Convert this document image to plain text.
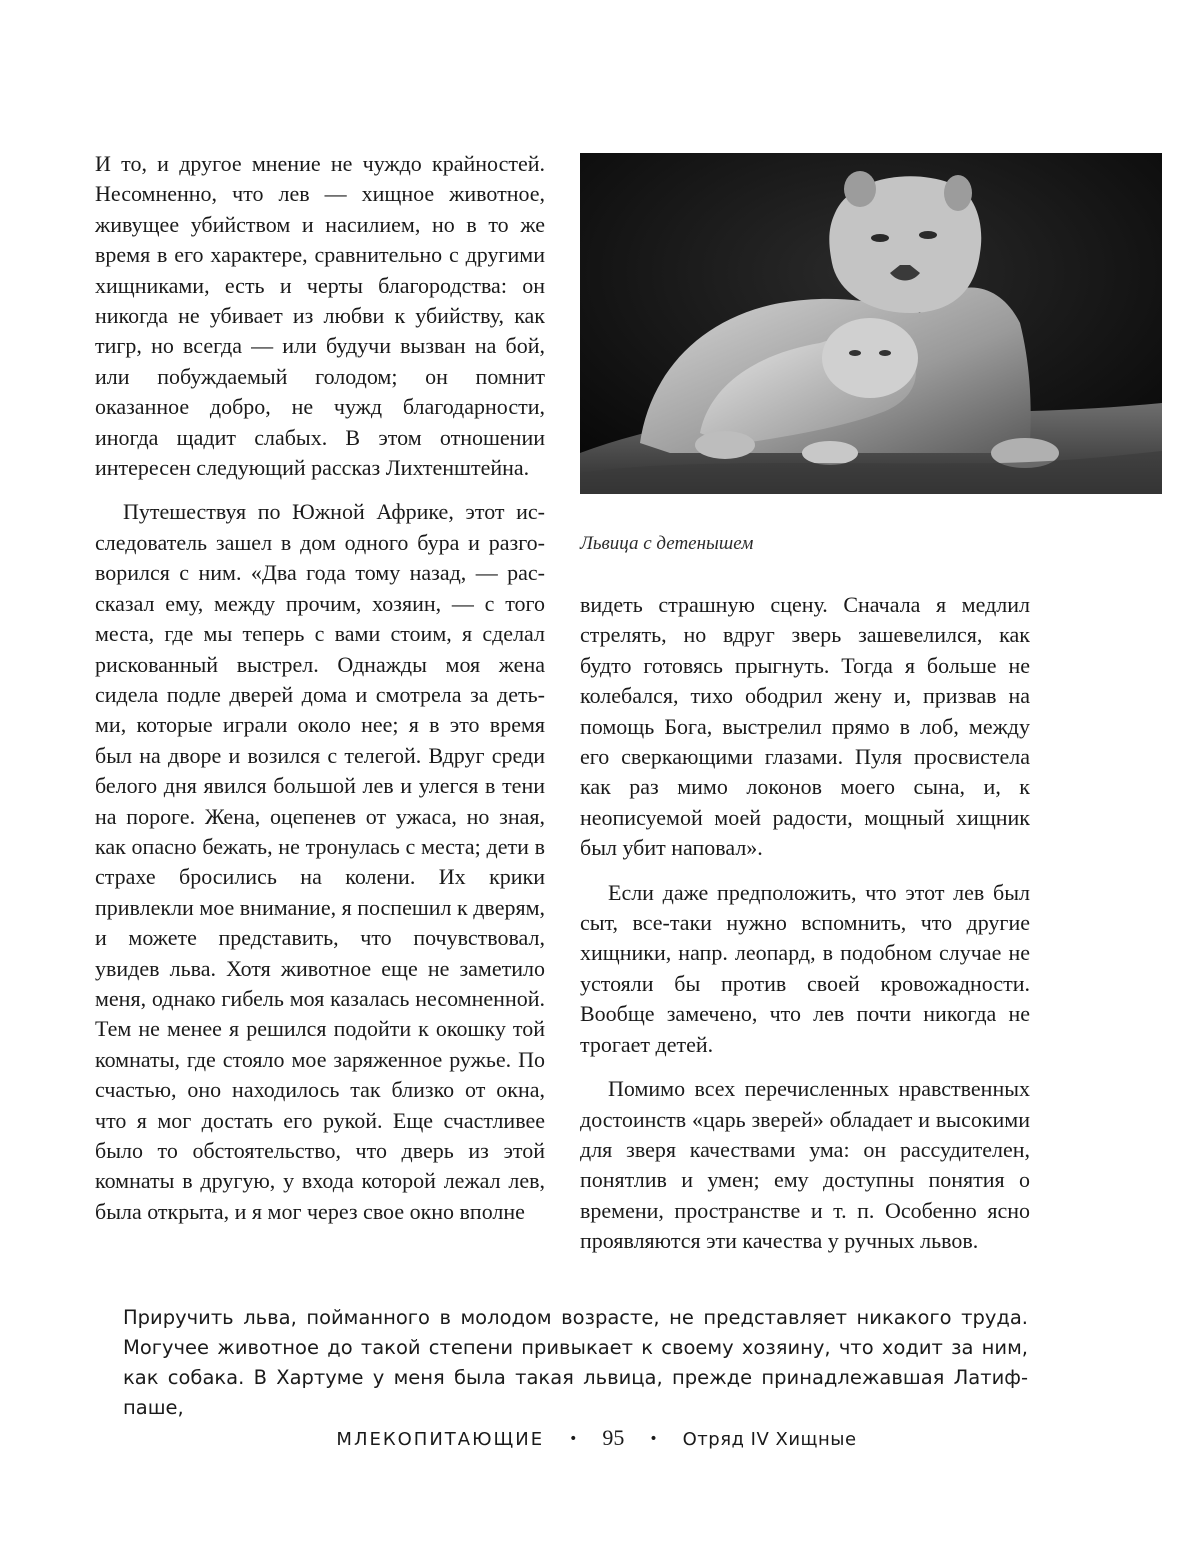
И то, и другое мнение не чуждо крайностей. Несомненно, что лев — хищное животное, живущее убийством и насилием, но в то же время в его характере, сравнительно с другими хищниками, есть и черты благородства: он никогда не убивает из любви к убийству, как тигр, но всегда — или будучи вызван на бой, или побуждаемый голодом; он помнит оказанное добро, не чужд благодарности, иногда щадит слабых. В этом отношении интересен следующий рассказ Лихтенштейна.

Путешествуя по Южной Африке, этот исследователь зашел в дом одного бура и разговорился с ним. «Два года тому назад, — рассказал ему, между прочим, хозяин, — с того места, где мы теперь с вами стоим, я сделал рискованный выстрел. Однажды моя жена сидела подле дверей дома и смотрела за детьми, которые играли около нее; я в это время был на дворе и возился с телегой. Вдруг среди белого дня явился большой лев и улегся в тени на пороге. Жена, оцепенев от ужаса, но зная, как опасно бежать, не тронулась с места; дети в страхе бросились на колени. Их крики привлекли мое внимание, я поспешил к дверям, и можете представить, что почувствовал, увидев льва. Хотя животное еще не заметило меня, однако гибель моя казалась несомненной. Тем не менее я решился подойти к окошку той комнаты, где стояло мое заряженное ружье. По счастью, оно находилось так близко от окна, что я мог достать его рукой. Еще счастливее было то обстоятельство, что дверь из этой комнаты в другую, у входа которой лежал лев, была открыта, и я мог через свое окно вполне

Львица с детенышем

видеть страшную сцену. Сначала я медлил стрелять, но вдруг зверь зашевелился, как будто готовясь прыгнуть. Тогда я больше не колебался, тихо ободрил жену и, призвав на помощь Бога, выстрелил прямо в лоб, между его сверкающими глазами. Пуля просвистела как раз мимо локонов моего сына, и, к неописуемой моей радости, мощный хищник был убит наповал».

Если даже предположить, что этот лев был сыт, все-таки нужно вспомнить, что другие хищники, напр. леопард, в подобном случае не устояли бы против своей кровожадности. Вообще замечено, что лев почти никогда не трогает детей.

Помимо всех перечисленных нравственных достоинств «царь зверей» обладает и высокими для зверя качествами ума: он рассудителен, понятлив и умен; ему доступны понятия о времени, пространстве и т. п. Особенно ясно проявляются эти качества у ручных львов.

Приручить льва, пойманного в молодом возрасте, не представляет никакого труда. Могучее животное до такой степени привыкает к своему хозяину, что ходит за ним, как собака. В Хартуме у меня была такая львица, прежде принадлежавшая Латиф-паше,

МЛЕКОПИТАЮЩИЕ • 95 • Отряд IV Хищные
